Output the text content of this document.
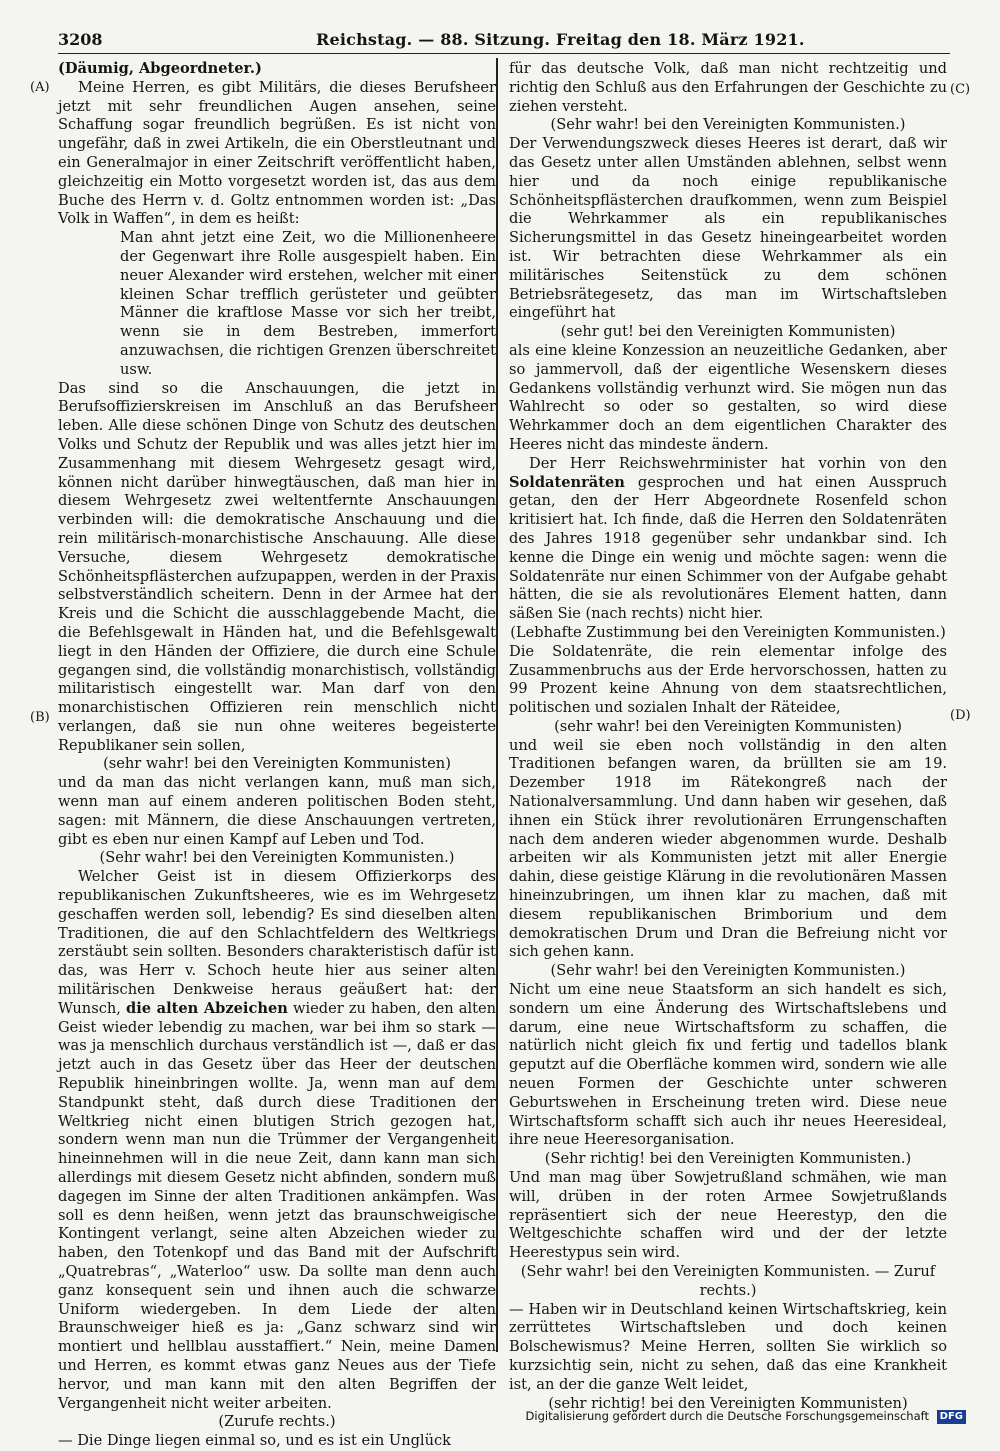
3208	Reichstag. — 88. Sitzung. Freitag den 18. März 1921.
(A)
(B)
(C)
(D)

(Däumig, Abgeordneter.)

Meine Herren, es gibt Militärs, die dieses Berufsheer jetzt mit sehr freundlichen Augen ansehen, seine Schaffung sogar freundlich begrüßen. Es ist nicht von ungefähr, daß in zwei Artikeln, die ein Oberstleutnant und ein Generalmajor in einer Zeitschrift veröffentlicht haben, gleichzeitig ein Motto vorgesetzt worden ist, das aus dem Buche des Herrn v. d. Goltz entnommen worden ist: „Das Volk in Waffen“, in dem es heißt:

Man ahnt jetzt eine Zeit, wo die Millionenheere der Gegenwart ihre Rolle ausgespielt haben. Ein neuer Alexander wird erstehen, welcher mit einer kleinen Schar trefflich gerüsteter und geübter Männer die kraftlose Masse vor sich her treibt, wenn sie in dem Bestreben, immerfort anzuwachsen, die richtigen Grenzen überschreitet usw.

Das sind so die Anschauungen, die jetzt in Berufsoffizierskreisen im Anschluß an das Berufsheer leben. Alle diese schönen Dinge von Schutz des deutschen Volks und Schutz der Republik und was alles jetzt hier im Zusammenhang mit diesem Wehrgesetz gesagt wird, können nicht darüber hinwegtäuschen, daß man hier in diesem Wehrgesetz zwei weltentfernte Anschauungen verbinden will: die demokratische Anschauung und die rein militärisch-monarchistische Anschauung. Alle diese Versuche, diesem Wehrgesetz demokratische Schönheitspflästerchen aufzupappen, werden in der Praxis selbstverständlich scheitern. Denn in der Armee hat der Kreis und die Schicht die ausschlaggebende Macht, die die Befehlsgewalt in Händen hat, und die Befehlsgewalt liegt in den Händen der Offiziere, die durch eine Schule gegangen sind, die vollständig monarchistisch, vollständig militaristisch eingestellt war. Man darf von den monarchistischen Offizieren rein menschlich nicht verlangen, daß sie nun ohne weiteres begeisterte Republikaner sein sollen,

(sehr wahr! bei den Vereinigten Kommunisten)

und da man das nicht verlangen kann, muß man sich, wenn man auf einem anderen politischen Boden steht, sagen: mit Männern, die diese Anschauungen vertreten, gibt es eben nur einen Kampf auf Leben und Tod.

(Sehr wahr! bei den Vereinigten Kommunisten.)

Welcher Geist ist in diesem Offizierkorps des republikanischen Zukunftsheeres, wie es im Wehrgesetz geschaffen werden soll, lebendig? Es sind dieselben alten Traditionen, die auf den Schlachtfeldern des Weltkriegs zerstäubt sein sollten. Besonders charakteristisch dafür ist das, was Herr v. Schoch heute hier aus seiner alten militärischen Denkweise heraus geäußert hat: der Wunsch, die alten Abzeichen wieder zu haben, den alten Geist wieder lebendig zu machen, war bei ihm so stark — was ja menschlich durchaus verständlich ist —, daß er das jetzt auch in das Gesetz über das Heer der deutschen Republik hineinbringen wollte. Ja, wenn man auf dem Standpunkt steht, daß durch diese Traditionen der Weltkrieg nicht einen blutigen Strich gezogen hat, sondern wenn man nun die Trümmer der Vergangenheit hineinnehmen will in die neue Zeit, dann kann man sich allerdings mit diesem Gesetz nicht abfinden, sondern muß dagegen im Sinne der alten Traditionen ankämpfen. Was soll es denn heißen, wenn jetzt das braunschweigische Kontingent verlangt, seine alten Abzeichen wieder zu haben, den Totenkopf und das Band mit der Aufschrift „Quatrebras“, „Waterloo“ usw. Da sollte man denn auch ganz konsequent sein und ihnen auch die schwarze Uniform wiedergeben. In dem Liede der alten Braunschweiger hieß es ja: „Ganz schwarz sind wir montiert und hellblau ausstaffiert.“ Nein, meine Damen und Herren, es kommt etwas ganz Neues aus der Tiefe hervor, und man kann mit den alten Begriffen der Vergangenheit nicht weiter arbeiten.

(Zurufe rechts.)

— Die Dinge liegen einmal so, und es ist ein Unglück

für das deutsche Volk, daß man nicht rechtzeitig und richtig den Schluß aus den Erfahrungen der Geschichte zu ziehen versteht.

(Sehr wahr! bei den Vereinigten Kommunisten.)

Der Verwendungszweck dieses Heeres ist derart, daß wir das Gesetz unter allen Umständen ablehnen, selbst wenn hier und da noch einige republikanische Schönheitspflästerchen draufkommen, wenn zum Beispiel die Wehrkammer als ein republikanisches Sicherungsmittel in das Gesetz hineingearbeitet worden ist. Wir betrachten diese Wehrkammer als ein militärisches Seitenstück zu dem schönen Betriebsrätegesetz, das man im Wirtschaftsleben eingeführt hat

(sehr gut! bei den Vereinigten Kommunisten)

als eine kleine Konzession an neuzeitliche Gedanken, aber so jammervoll, daß der eigentliche Wesenskern dieses Gedankens vollständig verhunzt wird. Sie mögen nun das Wahlrecht so oder so gestalten, so wird diese Wehrkammer doch an dem eigentlichen Charakter des Heeres nicht das mindeste ändern.

Der Herr Reichswehrminister hat vorhin von den Soldatenräten gesprochen und hat einen Ausspruch getan, den der Herr Abgeordnete Rosenfeld schon kritisiert hat. Ich finde, daß die Herren den Soldatenräten des Jahres 1918 gegenüber sehr undankbar sind. Ich kenne die Dinge ein wenig und möchte sagen: wenn die Soldatenräte nur einen Schimmer von der Aufgabe gehabt hätten, die sie als revolutionäres Element hatten, dann säßen Sie (nach rechts) nicht hier.

(Lebhafte Zustimmung bei den Vereinigten Kommunisten.)

Die Soldatenräte, die rein elementar infolge des Zusammenbruchs aus der Erde hervorschossen, hatten zu 99 Prozent keine Ahnung von dem staatsrechtlichen, politischen und sozialen Inhalt der Räteidee,

(sehr wahr! bei den Vereinigten Kommunisten)

und weil sie eben noch vollständig in den alten Traditionen befangen waren, da brüllten sie am 19. Dezember 1918 im Rätekongreß nach der Nationalversammlung. Und dann haben wir gesehen, daß ihnen ein Stück ihrer revolutionären Errungenschaften nach dem anderen wieder abgenommen wurde. Deshalb arbeiten wir als Kommunisten jetzt mit aller Energie dahin, diese geistige Klärung in die revolutionären Massen hineinzubringen, um ihnen klar zu machen, daß mit diesem republikanischen Brimborium und dem demokratischen Drum und Dran die Befreiung nicht vor sich gehen kann.

(Sehr wahr! bei den Vereinigten Kommunisten.)

Nicht um eine neue Staatsform an sich handelt es sich, sondern um eine Änderung des Wirtschaftslebens und darum, eine neue Wirtschaftsform zu schaffen, die natürlich nicht gleich fix und fertig und tadellos blank geputzt auf die Oberfläche kommen wird, sondern wie alle neuen Formen der Geschichte unter schweren Geburtswehen in Erscheinung treten wird. Diese neue Wirtschaftsform schafft sich auch ihr neues Heeresideal, ihre neue Heeresorganisation.

(Sehr richtig! bei den Vereinigten Kommunisten.)

Und man mag über Sowjetrußland schmähen, wie man will, drüben in der roten Armee Sowjetrußlands repräsentiert sich der neue Heerestyp, den die Weltgeschichte schaffen wird und der der letzte Heerestypus sein wird.

(Sehr wahr! bei den Vereinigten Kommunisten. — Zuruf rechts.)

— Haben wir in Deutschland keinen Wirtschaftskrieg, kein zerrüttetes Wirtschaftsleben und doch keinen Bolschewismus? Meine Herren, sollten Sie wirklich so kurzsichtig sein, nicht zu sehen, daß das eine Krankheit ist, an der die ganze Welt leidet,

(sehr richtig! bei den Vereinigten Kommunisten)

Digitalisierung gefördert durch die Deutsche Forschungsgemeinschaft DFG
